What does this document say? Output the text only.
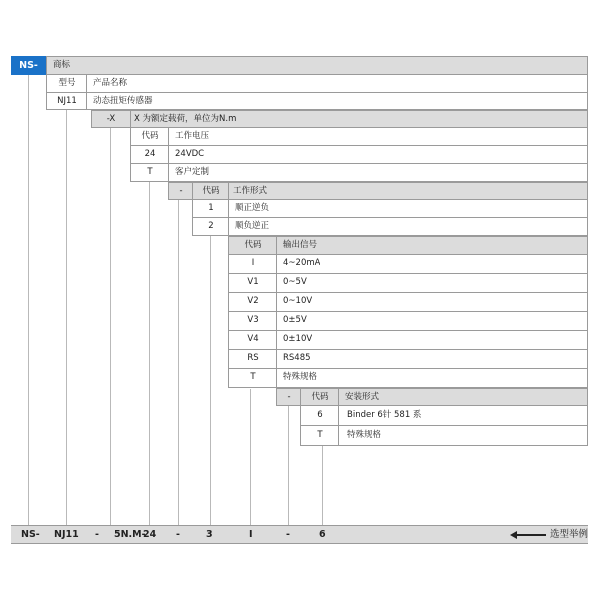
NS-	商标
型号	产品名称
NJ11	动态扭矩传感器
-X	X 为额定载荷，单位为N.m
代码	工作电压
24	24VDC
T	客户定制
-	代码	工作形式
1	顺正逆负
2	顺负逆正
代码	输出信号
I	4~20mA
V1	0~5V
V2	0~10V
V3	0±5V
V4	0±10V
RS	RS485
T	特殊规格
-	代码	安装形式
6	Binder 6针 581 系
T	特殊规格
NS- NJ11 - 5N.M-
24 -	3	I	-	6	选型举例
